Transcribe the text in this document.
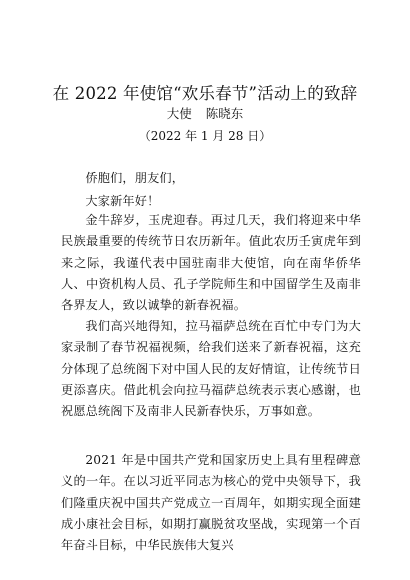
在 2022 年使馆“欢乐春节”活动上的致辞
大使 陈晓东
（2022 年 1 月 28 日）

侨胞们，朋友们，

大家新年好！

金牛辞岁，玉虎迎春。再过几天，我们将迎来中华民族最重要的传统节日农历新年。值此农历壬寅虎年到来之际，我谨代表中国驻南非大使馆，向在南华侨华人、中资机构人员、孔子学院师生和中国留学生及南非各界友人，致以诚挚的新春祝福。

我们高兴地得知，拉马福萨总统在百忙中专门为大家录制了春节祝福视频，给我们送来了新春祝福，这充分体现了总统阁下对中国人民的友好情谊，让传统节日更添喜庆。借此机会向拉马福萨总统表示衷心感谢，也祝愿总统阁下及南非人民新春快乐，万事如意。

2021 年是中国共产党和国家历史上具有里程碑意义的一年。在以习近平同志为核心的党中央领导下，我们隆重庆祝中国共产党成立一百周年，如期实现全面建成小康社会目标，如期打赢脱贫攻坚战，实现第一个百年奋斗目标，中华民族伟大复兴
